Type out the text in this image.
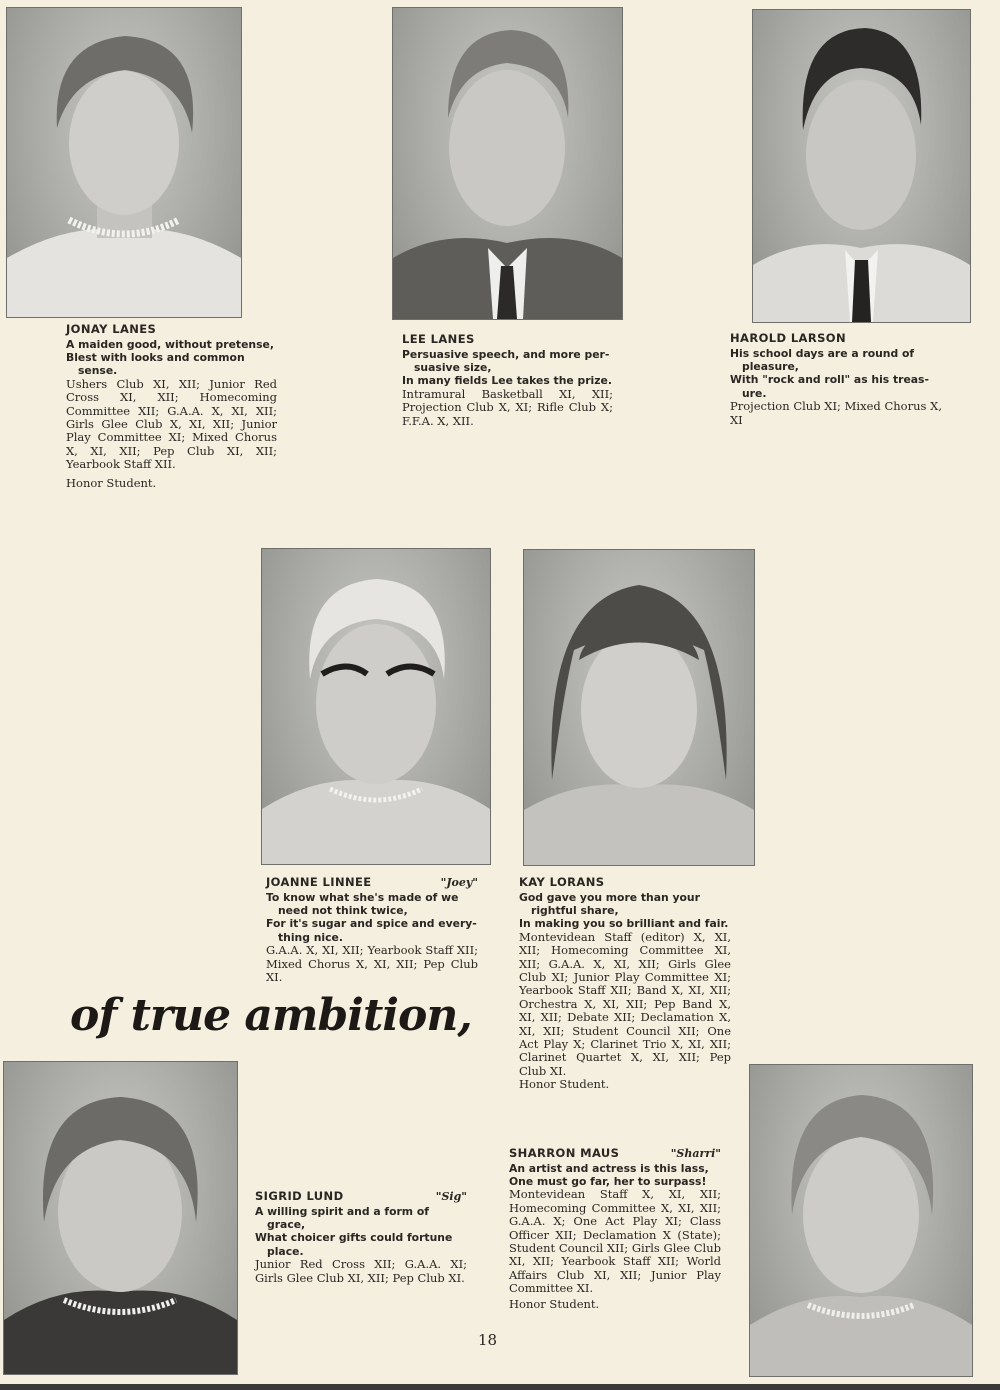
JONAY LANES
A maiden good, without pretense,
Blest with looks and common
sense.
Ushers Club XI, XII; Junior Red Cross XI, XII; Homecoming Committee XII; G.A.A. X, XI, XII; Girls Glee Club X, XI, XII; Junior Play Committee XI; Mixed Chorus X, XI, XII; Pep Club XI, XII; Yearbook Staff XII.
Honor Student.
LEE LANES
Persuasive speech, and more per-
suasive size,
In many fields Lee takes the prize.
Intramural Basketball XI, XII; Projection Club X, XI; Rifle Club X; F.F.A. X, XII.
HAROLD LARSON
His school days are a round of
pleasure,
With "rock and roll" as his treas-
ure.
Projection Club XI; Mixed Chorus X, XI
JOANNE LINNEE	"Joey"
To know what she's made of we
need not think twice,
For it's sugar and spice and every-
thing nice.
G.A.A. X, XI, XII; Yearbook Staff XII; Mixed Chorus X, XI, XII; Pep Club XI.
KAY LORANS
God gave you more than your
rightful share,
In making you so brilliant and fair.
Montevidean Staff (editor) X, XI, XII; Homecoming Committee XI, XII; G.A.A. X, XI, XII; Girls Glee Club XI; Junior Play Committee XI; Yearbook Staff XII; Band X, XI, XII; Orchestra X, XI, XII; Pep Band X, XI, XII; Debate XII; Declamation X, XI, XII; Student Council XII; One Act Play X; Clarinet Trio X, XI, XII; Clarinet Quartet X, XI, XII; Pep Club XI.
Honor Student.
SIGRID LUND	"Sig"
A willing spirit and a form of
grace,
What choicer gifts could fortune
place.
Junior Red Cross XII; G.A.A. XI; Girls Glee Club XI, XII; Pep Club XI.
SHARRON MAUS	"Sharri"
An artist and actress is this lass,
One must go far, her to surpass!
Montevidean Staff X, XI, XII; Homecoming Committee X, XI, XII; G.A.A. X; One Act Play XI; Class Officer XII; Declamation X (State); Student Council XII; Girls Glee Club XI, XII; Yearbook Staff XII; World Affairs Club XI, XII; Junior Play Committee XI.
Honor Student.
of true ambition,
18
